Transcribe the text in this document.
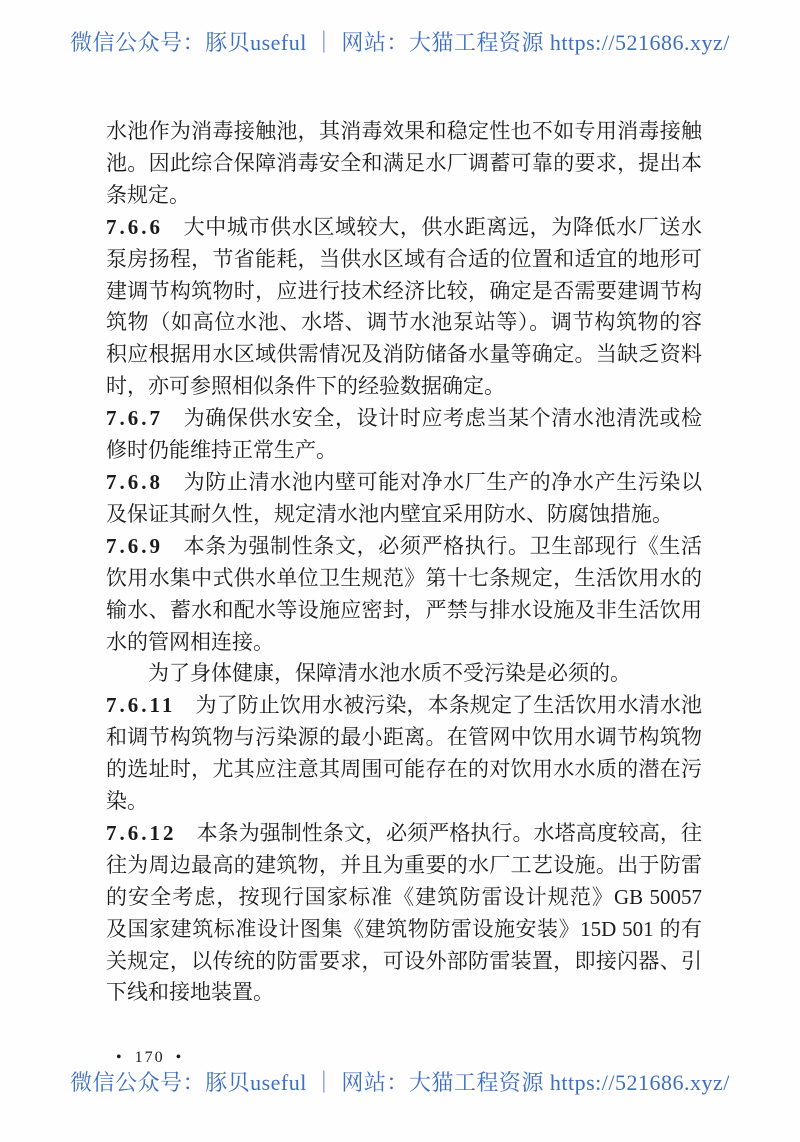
微信公众号：豚贝useful ｜ 网站：大猫工程资源 https://521686.xyz/

水池作为消毒接触池，其消毒效果和稳定性也不如专用消毒接触池。因此综合保障消毒安全和满足水厂调蓄可靠的要求，提出本条规定。

7.6.6 大中城市供水区域较大，供水距离远，为降低水厂送水泵房扬程，节省能耗，当供水区域有合适的位置和适宜的地形可建调节构筑物时，应进行技术经济比较，确定是否需要建调节构筑物（如高位水池、水塔、调节水池泵站等）。调节构筑物的容积应根据用水区域供需情况及消防储备水量等确定。当缺乏资料时，亦可参照相似条件下的经验数据确定。

7.6.7 为确保供水安全，设计时应考虑当某个清水池清洗或检修时仍能维持正常生产。

7.6.8 为防止清水池内壁可能对净水厂生产的净水产生污染以及保证其耐久性，规定清水池内壁宜采用防水、防腐蚀措施。

7.6.9 本条为强制性条文，必须严格执行。卫生部现行《生活饮用水集中式供水单位卫生规范》第十七条规定，生活饮用水的输水、蓄水和配水等设施应密封，严禁与排水设施及非生活饮用水的管网相连接。

为了身体健康，保障清水池水质不受污染是必须的。

7.6.11 为了防止饮用水被污染，本条规定了生活饮用水清水池和调节构筑物与污染源的最小距离。在管网中饮用水调节构筑物的选址时，尤其应注意其周围可能存在的对饮用水水质的潜在污染。

7.6.12 本条为强制性条文，必须严格执行。水塔高度较高，往往为周边最高的建筑物，并且为重要的水厂工艺设施。出于防雷的安全考虑，按现行国家标准《建筑防雷设计规范》GB 50057 及国家建筑标准设计图集《建筑物防雷设施安装》15D 501 的有关规定，以传统的防雷要求，可设外部防雷装置，即接闪器、引下线和接地装置。

• 170 •
微信公众号：豚贝useful ｜ 网站：大猫工程资源 https://521686.xyz/
